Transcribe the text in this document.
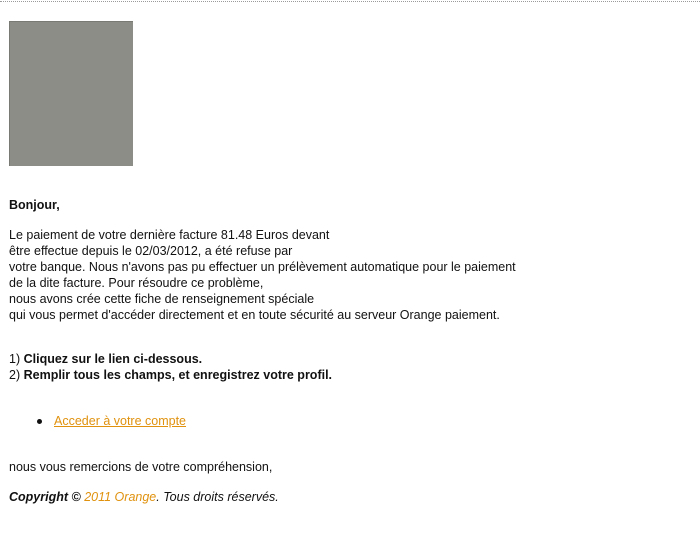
Bonjour,
Le paiement de votre dernière facture 81.48 Euros devant
être effectue depuis le 02/03/2012, a été refuse par
votre banque. Nous n'avons pas pu effectuer un prélèvement automatique pour le paiement
de la dite facture. Pour résoudre ce problème,
nous avons crée cette fiche de renseignement spéciale
qui vous permet d'accéder directement et en toute sécurité au serveur Orange paiement.
1) Cliquez sur le lien ci-dessous.
2) Remplir tous les champs, et enregistrez votre profil.
Acceder à votre compte
nous vous remercions de votre compréhension,
Copyright © 2011 Orange. Tous droits réservés.
